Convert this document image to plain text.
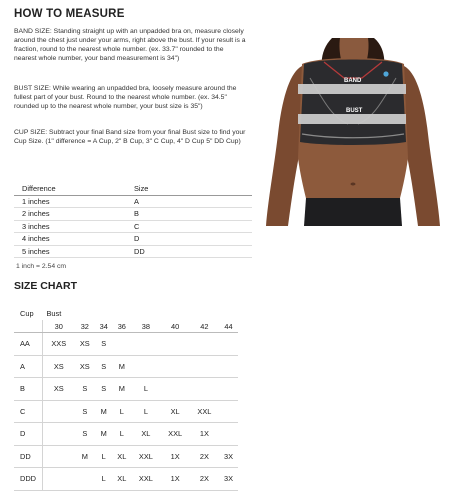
HOW TO MEASURE
BAND SIZE: Standing straight up with an unpadded bra on, measure closely around the chest just under your arms, right above the bust. If your result is a fraction, round to the nearest whole number. (ex. 33.7" rounded to the nearest whole number, your band measurement is 34")
BUST SIZE: While wearing an unpadded bra, loosely measure around the fullest part of your bust. Round to the nearest whole number. (ex. 34.5" rounded up to the nearest whole number, your bust size is 35")
CUP SIZE: Subtract your final Band size from your final Bust size to find your Cup Size. (1" difference = A Cup, 2" B Cup, 3" C Cup, 4" D Cup 5" DD Cup)
BAND
BUST
Difference	Size
1 inches	A
2 inches	B
3 inches	C
4 inches	D
5 inches	DD
1 inch = 2.54 cm
SIZE CHART
Cup	Bust							
	30	32	34	36	38	40	42	44
AA	XXS	XS	S					
A	XS	XS	S	M				
B	XS	S	S	M	L			
C		S	M	L	L	XL	XXL	
D		S	M	L	XL	XXL	1X	
DD		M	L	XL	XXL	1X	2X	3X
DDD			L	XL	XXL	1X	2X	3X
